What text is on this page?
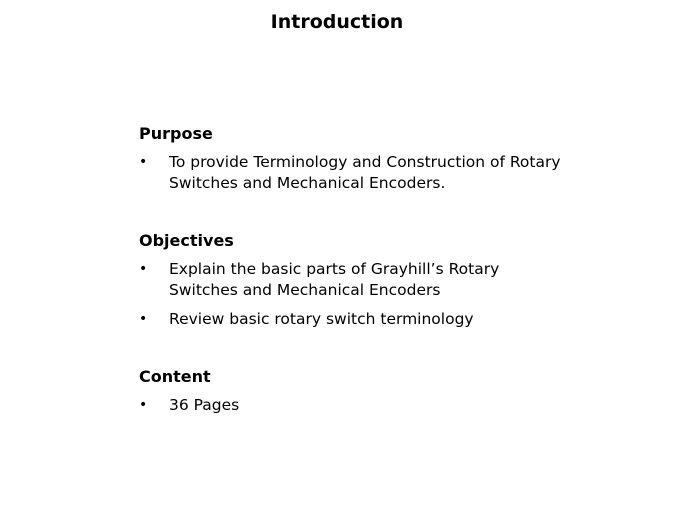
Introduction
Purpose
• To provide Terminology and Construction of Rotary Switches and Mechanical Encoders.
Objectives
• Explain the basic parts of Grayhill’s Rotary Switches and Mechanical Encoders
• Review basic rotary switch terminology
Content
• 36 Pages
